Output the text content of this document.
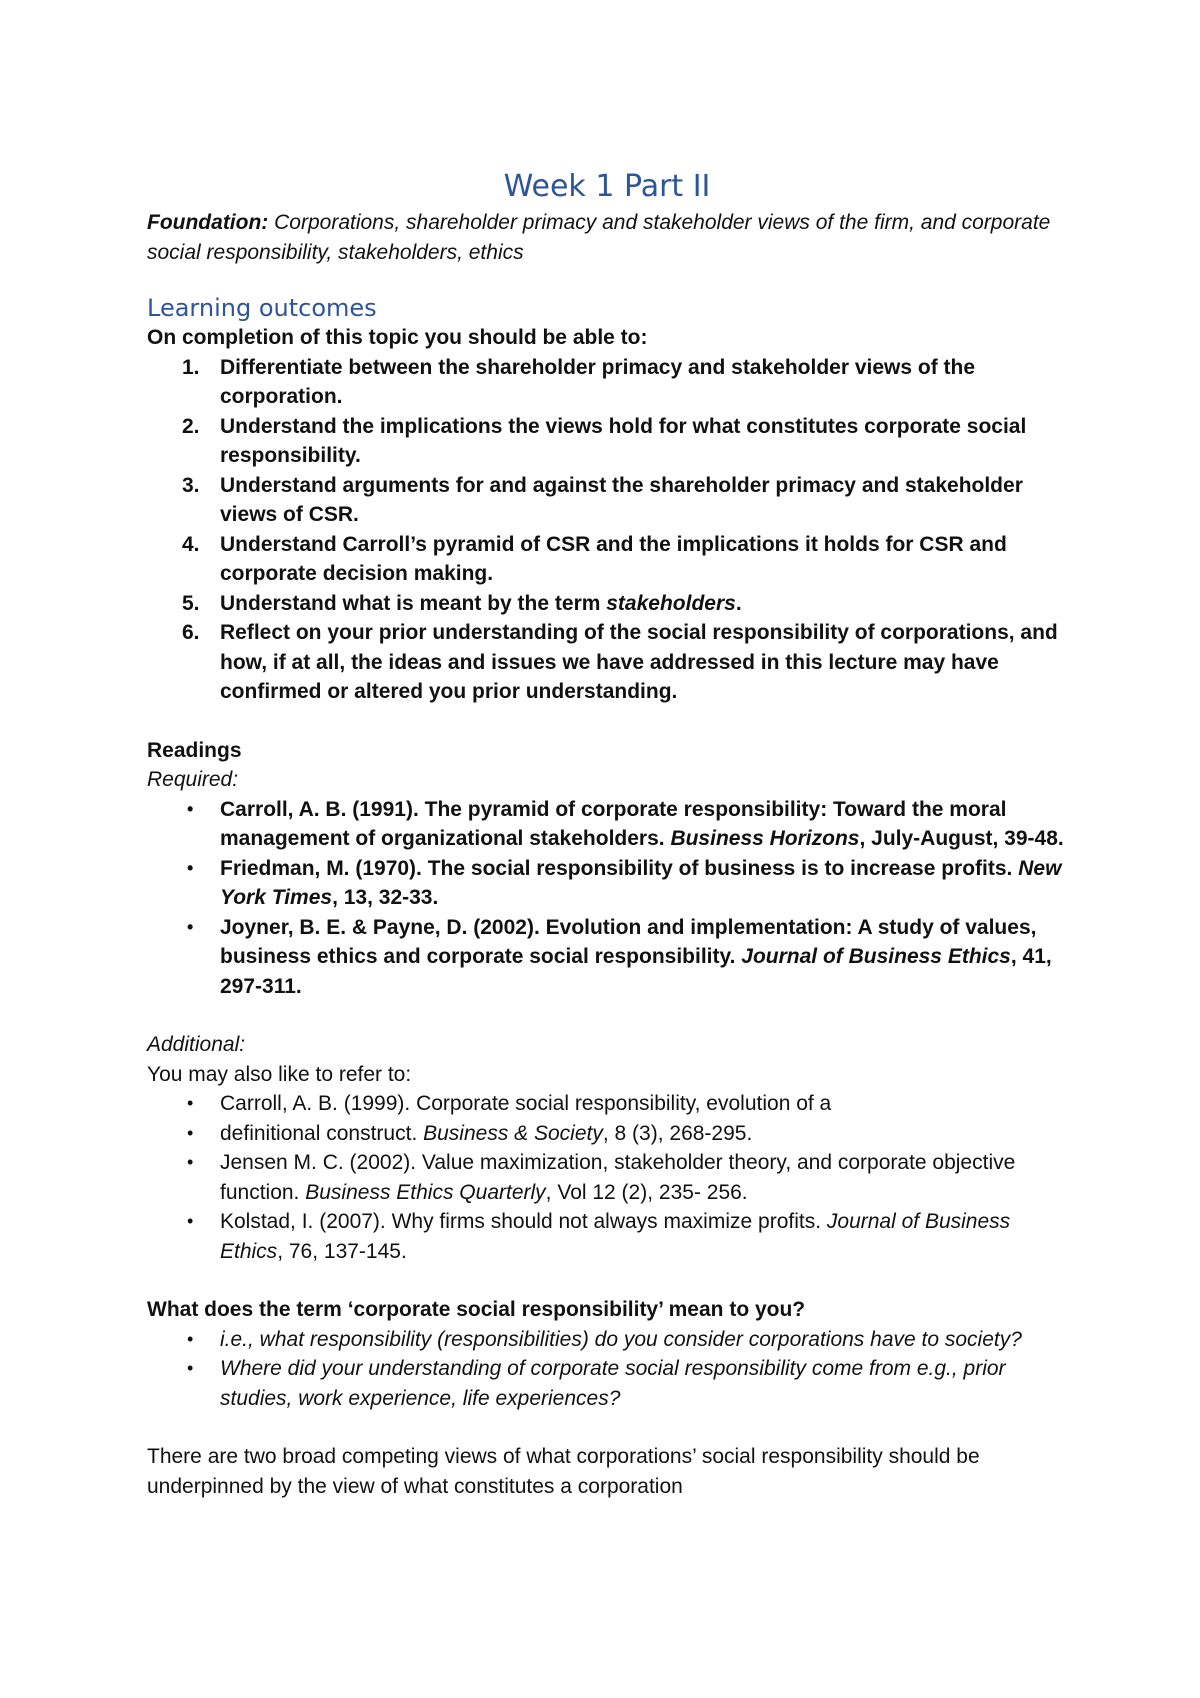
Week 1 Part II

Foundation: Corporations, shareholder primacy and stakeholder views of the firm, and corporate social responsibility, stakeholders, ethics

Learning outcomes

On completion of this topic you should be able to:

1. Differentiate between the shareholder primacy and stakeholder views of the corporation.
2. Understand the implications the views hold for what constitutes corporate social responsibility.
3. Understand arguments for and against the shareholder primacy and stakeholder views of CSR.
4. Understand Carroll’s pyramid of CSR and the implications it holds for CSR and corporate decision making.
5. Understand what is meant by the term stakeholders.
6. Reflect on your prior understanding of the social responsibility of corporations, and how, if at all, the ideas and issues we have addressed in this lecture may have confirmed or altered you prior understanding.

Readings

Required:

• Carroll, A. B. (1991). The pyramid of corporate responsibility: Toward the moral management of organizational stakeholders. Business Horizons, July-August, 39-48.
• Friedman, M. (1970). The social responsibility of business is to increase profits. New York Times, 13, 32-33.
• Joyner, B. E. & Payne, D. (2002). Evolution and implementation: A study of values, business ethics and corporate social responsibility. Journal of Business Ethics, 41, 297-311.

Additional:

You may also like to refer to:

• Carroll, A. B. (1999). Corporate social responsibility, evolution of a
• definitional construct. Business & Society, 8 (3), 268-295.
• Jensen M. C. (2002). Value maximization, stakeholder theory, and corporate objective function. Business Ethics Quarterly, Vol 12 (2), 235- 256.
• Kolstad, I. (2007). Why firms should not always maximize profits. Journal of Business Ethics, 76, 137-145.

What does the term ‘corporate social responsibility’ mean to you?

• i.e., what responsibility (responsibilities) do you consider corporations have to society?
• Where did your understanding of corporate social responsibility come from e.g., prior studies, work experience, life experiences?

There are two broad competing views of what corporations’ social responsibility should be underpinned by the view of what constitutes a corporation
